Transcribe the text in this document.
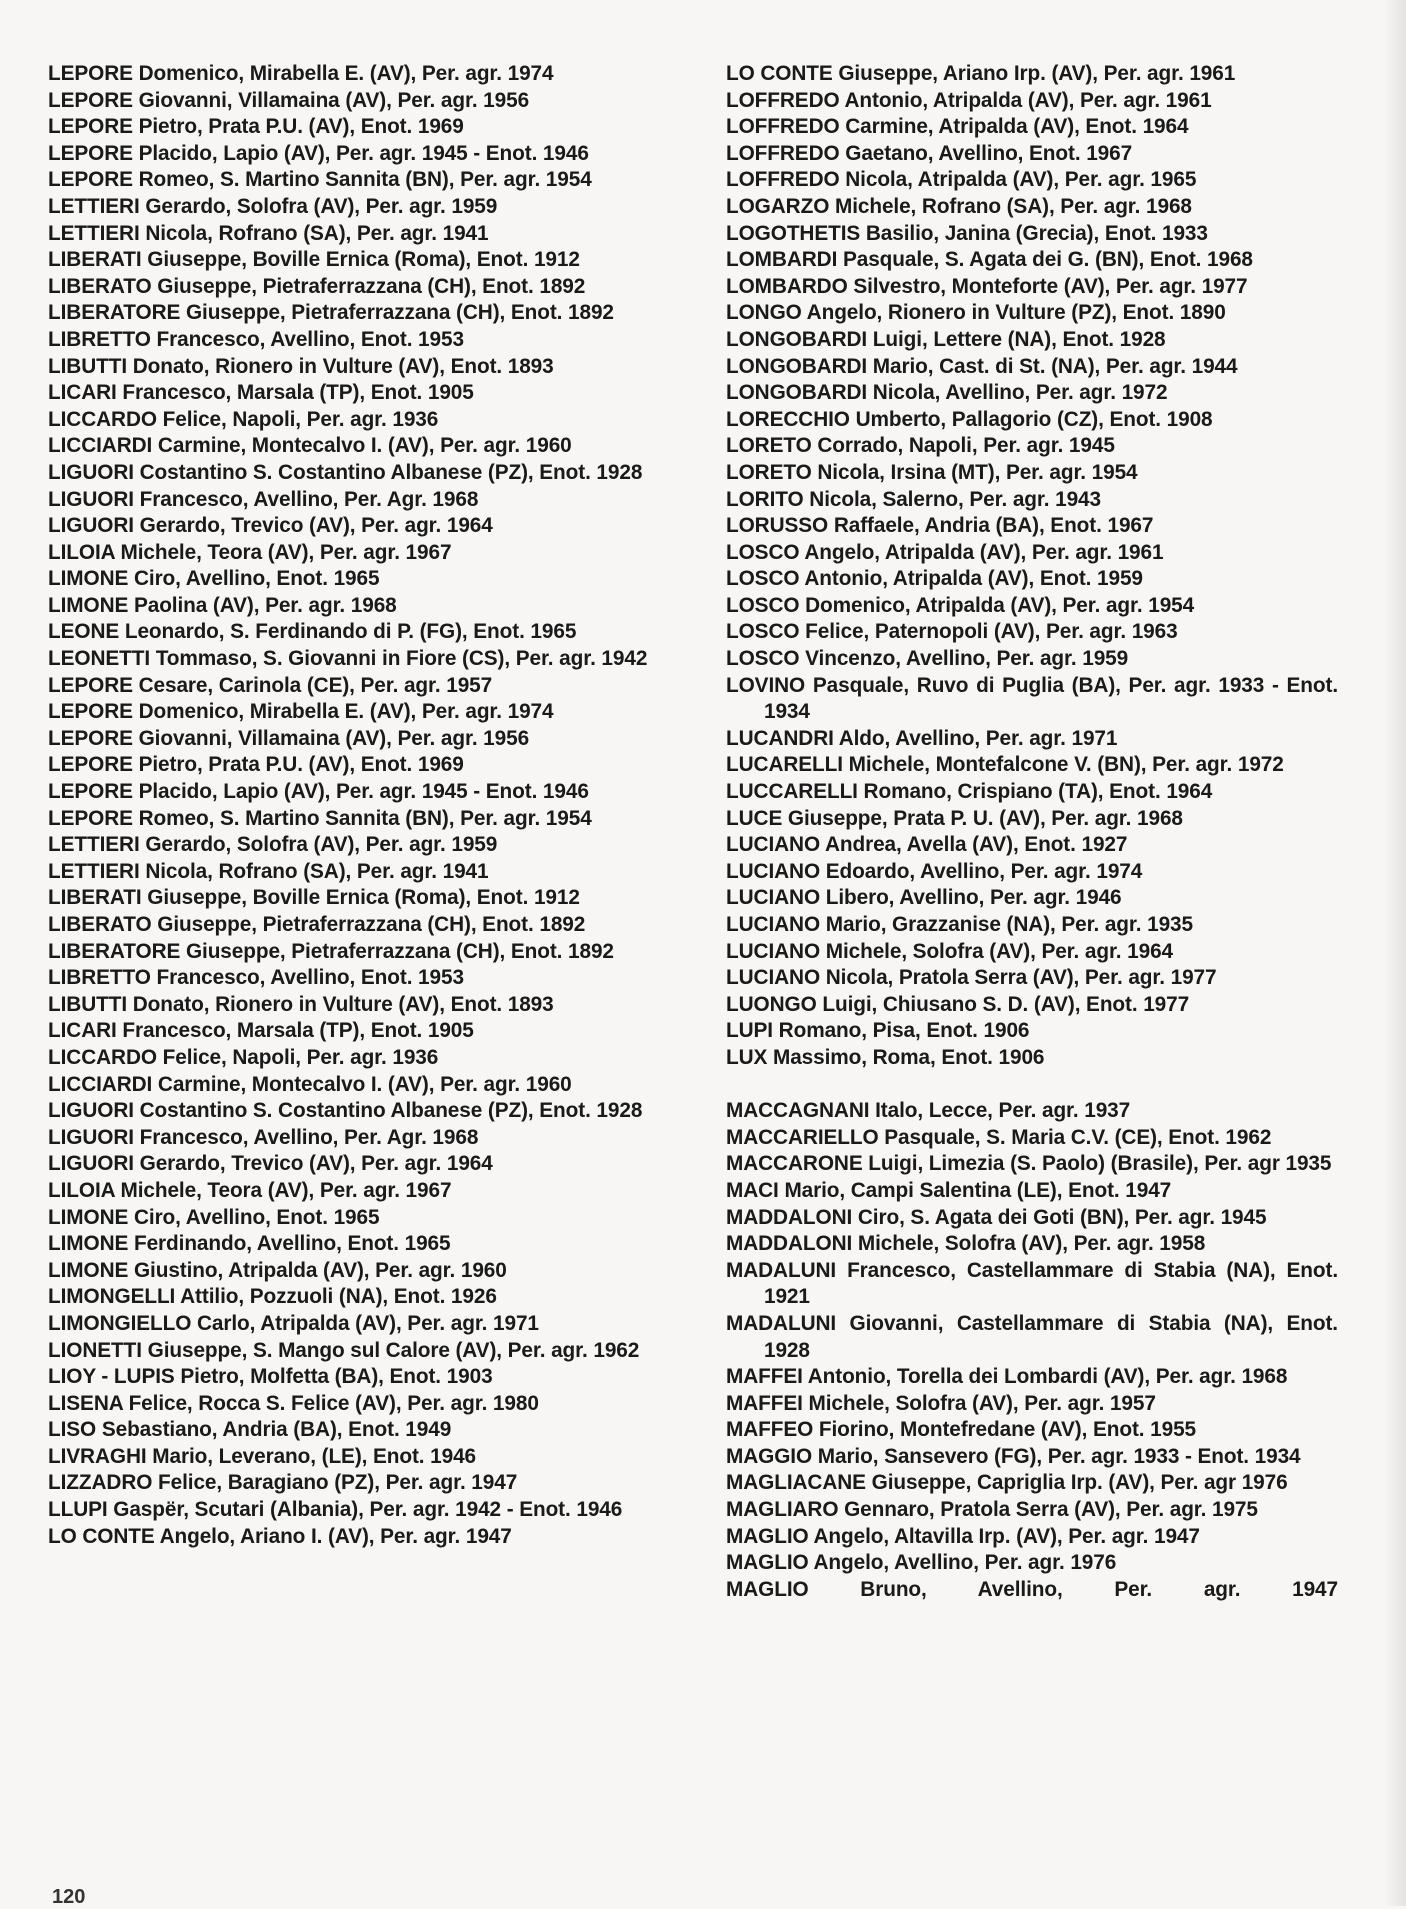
LEPORE Domenico, Mirabella E. (AV), Per. agr. 1974

LEPORE Giovanni, Villamaina (AV), Per. agr. 1956

LEPORE Pietro, Prata P.U. (AV), Enot. 1969

LEPORE Placido, Lapio (AV), Per. agr. 1945 - Enot. 1946

LEPORE Romeo, S. Martino Sannita (BN), Per. agr. 1954

LETTIERI Gerardo, Solofra (AV), Per. agr. 1959

LETTIERI Nicola, Rofrano (SA), Per. agr. 1941

LIBERATI Giuseppe, Boville Ernica (Roma), Enot. 1912

LIBERATO Giuseppe, Pietraferrazzana (CH), Enot. 1892

LIBERATORE Giuseppe, Pietraferrazzana (CH), Enot. 1892

LIBRETTO Francesco, Avellino, Enot. 1953

LIBUTTI Donato, Rionero in Vulture (AV), Enot. 1893

LICARI Francesco, Marsala (TP), Enot. 1905

LICCARDO Felice, Napoli, Per. agr. 1936

LICCIARDI Carmine, Montecalvo I. (AV), Per. agr. 1960

LIGUORI Costantino S. Costantino Albanese (PZ), Enot. 1928

LIGUORI Francesco, Avellino, Per. Agr. 1968

LIGUORI Gerardo, Trevico (AV), Per. agr. 1964

LILOIA Michele, Teora (AV), Per. agr. 1967

LIMONE Ciro, Avellino, Enot. 1965

LIMONE Paolina (AV), Per. agr. 1968

LEONE Leonardo, S. Ferdinando di P. (FG), Enot. 1965

LEONETTI Tommaso, S. Giovanni in Fiore (CS), Per. agr. 1942

LEPORE Cesare, Carinola (CE), Per. agr. 1957

LEPORE Domenico, Mirabella E. (AV), Per. agr. 1974

LEPORE Giovanni, Villamaina (AV), Per. agr. 1956

LEPORE Pietro, Prata P.U. (AV), Enot. 1969

LEPORE Placido, Lapio (AV), Per. agr. 1945 - Enot. 1946

LEPORE Romeo, S. Martino Sannita (BN), Per. agr. 1954

LETTIERI Gerardo, Solofra (AV), Per. agr. 1959

LETTIERI Nicola, Rofrano (SA), Per. agr. 1941

LIBERATI Giuseppe, Boville Ernica (Roma), Enot. 1912

LIBERATO Giuseppe, Pietraferrazzana (CH), Enot. 1892

LIBERATORE Giuseppe, Pietraferrazzana (CH), Enot. 1892

LIBRETTO Francesco, Avellino, Enot. 1953

LIBUTTI Donato, Rionero in Vulture (AV), Enot. 1893

LICARI Francesco, Marsala (TP), Enot. 1905

LICCARDO Felice, Napoli, Per. agr. 1936

LICCIARDI Carmine, Montecalvo I. (AV), Per. agr. 1960

LIGUORI Costantino S. Costantino Albanese (PZ), Enot. 1928

LIGUORI Francesco, Avellino, Per. Agr. 1968

LIGUORI Gerardo, Trevico (AV), Per. agr. 1964

LILOIA Michele, Teora (AV), Per. agr. 1967

LIMONE Ciro, Avellino, Enot. 1965

LIMONE Ferdinando, Avellino, Enot. 1965

LIMONE Giustino, Atripalda (AV), Per. agr. 1960

LIMONGELLI Attilio, Pozzuoli (NA), Enot. 1926

LIMONGIELLO Carlo, Atripalda (AV), Per. agr. 1971

LIONETTI Giuseppe, S. Mango sul Calore (AV), Per. agr. 1962

LIOY - LUPIS Pietro, Molfetta (BA), Enot. 1903

LISENA Felice, Rocca S. Felice (AV), Per. agr. 1980

LISO Sebastiano, Andria (BA), Enot. 1949

LIVRAGHI Mario, Leverano, (LE), Enot. 1946

LIZZADRO Felice, Baragiano (PZ), Per. agr. 1947

LLUPI Gaspër, Scutari (Albania), Per. agr. 1942 - Enot. 1946

LO CONTE Angelo, Ariano I. (AV), Per. agr. 1947

LO CONTE Giuseppe, Ariano Irp. (AV), Per. agr. 1961

LOFFREDO Antonio, Atripalda (AV), Per. agr. 1961

LOFFREDO Carmine, Atripalda (AV), Enot. 1964

LOFFREDO Gaetano, Avellino, Enot. 1967

LOFFREDO Nicola, Atripalda (AV), Per. agr. 1965

LOGARZO Michele, Rofrano (SA), Per. agr. 1968

LOGOTHETIS Basilio, Janina (Grecia), Enot. 1933

LOMBARDI Pasquale, S. Agata dei G. (BN), Enot. 1968

LOMBARDO Silvestro, Monteforte (AV), Per. agr. 1977

LONGO Angelo, Rionero in Vulture (PZ), Enot. 1890

LONGOBARDI Luigi, Lettere (NA), Enot. 1928

LONGOBARDI Mario, Cast. di St. (NA), Per. agr. 1944

LONGOBARDI Nicola, Avellino, Per. agr. 1972

LORECCHIO Umberto, Pallagorio (CZ), Enot. 1908

LORETO Corrado, Napoli, Per. agr. 1945

LORETO Nicola, Irsina (MT), Per. agr. 1954

LORITO Nicola, Salerno, Per. agr. 1943

LORUSSO Raffaele, Andria (BA), Enot. 1967

LOSCO Angelo, Atripalda (AV), Per. agr. 1961

LOSCO Antonio, Atripalda (AV), Enot. 1959

LOSCO Domenico, Atripalda (AV), Per. agr. 1954

LOSCO Felice, Paternopoli (AV), Per. agr. 1963

LOSCO Vincenzo, Avellino, Per. agr. 1959

LOVINO Pasquale, Ruvo di Puglia (BA), Per. agr. 1933 - Enot. 1934

LUCANDRI Aldo, Avellino, Per. agr. 1971

LUCARELLI Michele, Montefalcone V. (BN), Per. agr. 1972

LUCCARELLI Romano, Crispiano (TA), Enot. 1964

LUCE Giuseppe, Prata P. U. (AV), Per. agr. 1968

LUCIANO Andrea, Avella (AV), Enot. 1927

LUCIANO Edoardo, Avellino, Per. agr. 1974

LUCIANO Libero, Avellino, Per. agr. 1946

LUCIANO Mario, Grazzanise (NA), Per. agr. 1935

LUCIANO Michele, Solofra (AV), Per. agr. 1964

LUCIANO Nicola, Pratola Serra (AV), Per. agr. 1977

LUONGO Luigi, Chiusano S. D. (AV), Enot. 1977

LUPI Romano, Pisa, Enot. 1906

LUX Massimo, Roma, Enot. 1906

MACCAGNANI Italo, Lecce, Per. agr. 1937

MACCARIELLO Pasquale, S. Maria C.V. (CE), Enot. 1962

MACCARONE Luigi, Limezia (S. Paolo) (Brasile), Per. agr 1935

MACI Mario, Campi Salentina (LE), Enot. 1947

MADDALONI Ciro, S. Agata dei Goti (BN), Per. agr. 1945

MADDALONI Michele, Solofra (AV), Per. agr. 1958

MADALUNI Francesco, Castellammare di Stabia (NA), Enot. 1921

MADALUNI Giovanni, Castellammare di Stabia (NA), Enot. 1928

MAFFEI Antonio, Torella dei Lombardi (AV), Per. agr. 1968

MAFFEI Michele, Solofra (AV), Per. agr. 1957

MAFFEO Fiorino, Montefredane (AV), Enot. 1955

MAGGIO Mario, Sansevero (FG), Per. agr. 1933 - Enot. 1934

MAGLIACANE Giuseppe, Capriglia Irp. (AV), Per. agr 1976

MAGLIARO Gennaro, Pratola Serra (AV), Per. agr. 1975

MAGLIO Angelo, Altavilla Irp. (AV), Per. agr. 1947

MAGLIO Angelo, Avellino, Per. agr. 1976

MAGLIO Bruno, Avellino, Per. agr. 1947

120
